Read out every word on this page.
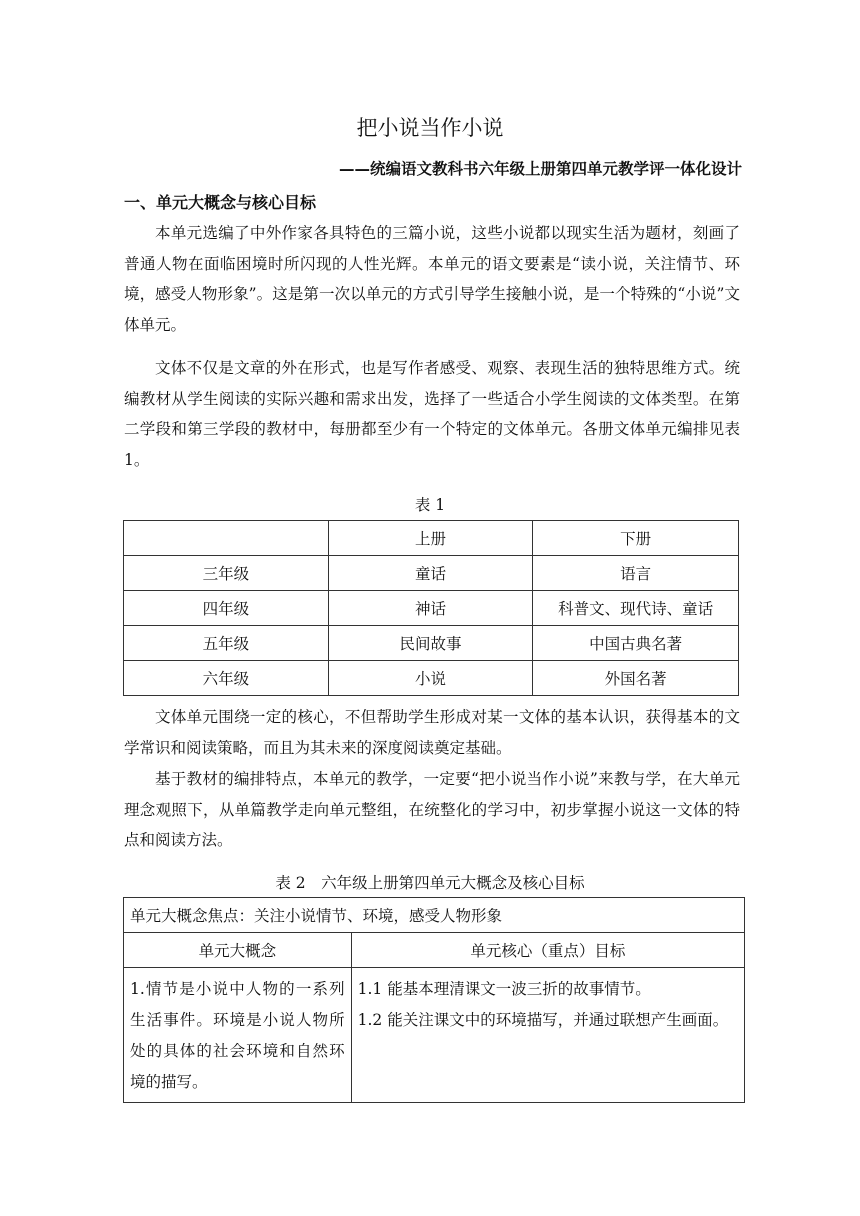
把小说当作小说
——统编语文教科书六年级上册第四单元教学评一体化设计
一、单元大概念与核心目标

本单元选编了中外作家各具特色的三篇小说，这些小说都以现实生活为题材，刻画了普通人物在面临困境时所闪现的人性光辉。本单元的语文要素是“读小说，关注情节、环境，感受人物形象”。这是第一次以单元的方式引导学生接触小说，是一个特殊的“小说”文体单元。

文体不仅是文章的外在形式，也是写作者感受、观察、表现生活的独特思维方式。统编教材从学生阅读的实际兴趣和需求出发，选择了一些适合小学生阅读的文体类型。在第二学段和第三学段的教材中，每册都至少有一个特定的文体单元。各册文体单元编排见表 1。

表 1
	上册	下册
三年级	童话	语言
四年级	神话	科普文、现代诗、童话
五年级	民间故事	中国古典名著
六年级	小说	外国名著

文体单元围绕一定的核心，不但帮助学生形成对某一文体的基本认识，获得基本的文学常识和阅读策略，而且为其未来的深度阅读奠定基础。

基于教材的编排特点，本单元的教学，一定要“把小说当作小说”来教与学，在大单元理念观照下，从单篇教学走向单元整组，在统整化的学习中，初步掌握小说这一文体的特点和阅读方法。

表 2　六年级上册第四单元大概念及核心目标
单元大概念焦点：关注小说情节、环境，感受人物形象	
单元大概念	单元核心（重点）目标

1.情节是小说中人物的一系列生活事件。环境是小说人物所处的具体的社会环境和自然环境的描写。	1.1 能基本理清课文一波三折的故事情节。
1.2 能关注课文中的环境描写，并通过联想产生画面。
